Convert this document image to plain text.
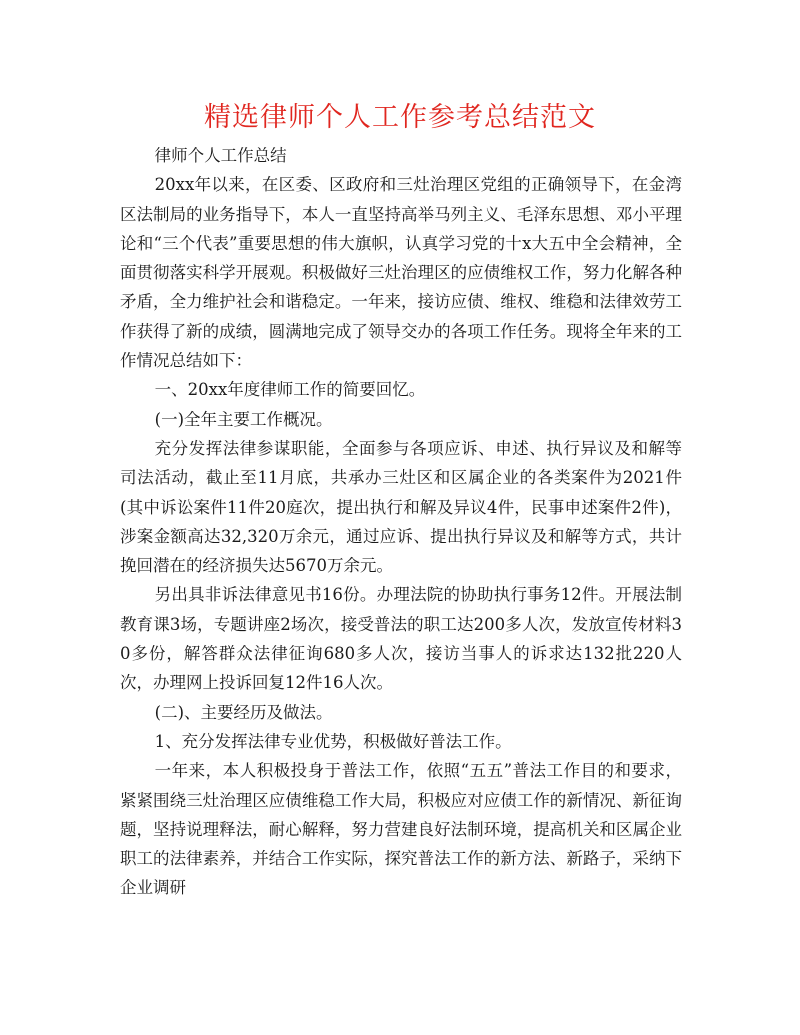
精选律师个人工作参考总结范文

律师个人工作总结

20xx年以来，在区委、区政府和三灶治理区党组的正确领导下，在金湾区法制局的业务指导下，本人一直坚持高举马列主义、毛泽东思想、邓小平理论和“三个代表”重要思想的伟大旗帜，认真学习党的十x大五中全会精神，全面贯彻落实科学开展观。积极做好三灶治理区的应债维权工作，努力化解各种矛盾，全力维护社会和谐稳定。一年来，接访应债、维权、维稳和法律效劳工作获得了新的成绩，圆满地完成了领导交办的各项工作任务。现将全年来的工作情况总结如下：

一、20xx年度律师工作的简要回忆。

(一)全年主要工作概况。

充分发挥法律参谋职能，全面参与各项应诉、申述、执行异议及和解等司法活动，截止至11月底，共承办三灶区和区属企业的各类案件为2021件(其中诉讼案件11件20庭次，提出执行和解及异议4件，民事申述案件2件)，涉案金额高达32,320万余元，通过应诉、提出执行异议及和解等方式，共计挽回潜在的经济损失达5670万余元。

另出具非诉法律意见书16份。办理法院的协助执行事务12件。开展法制教育课3场，专题讲座2场次，接受普法的职工达200多人次，发放宣传材料30多份，解答群众法律征询680多人次，接访当事人的诉求达132批220人次，办理网上投诉回复12件16人次。

(二)、主要经历及做法。

1、充分发挥法律专业优势，积极做好普法工作。

一年来，本人积极投身于普法工作，依照“五五”普法工作目的和要求，紧紧围绕三灶治理区应债维稳工作大局，积极应对应债工作的新情况、新征询题，坚持说理释法，耐心解释，努力营建良好法制环境，提高机关和区属企业职工的法律素养，并结合工作实际，探究普法工作的新方法、新路子，采纳下企业调研
